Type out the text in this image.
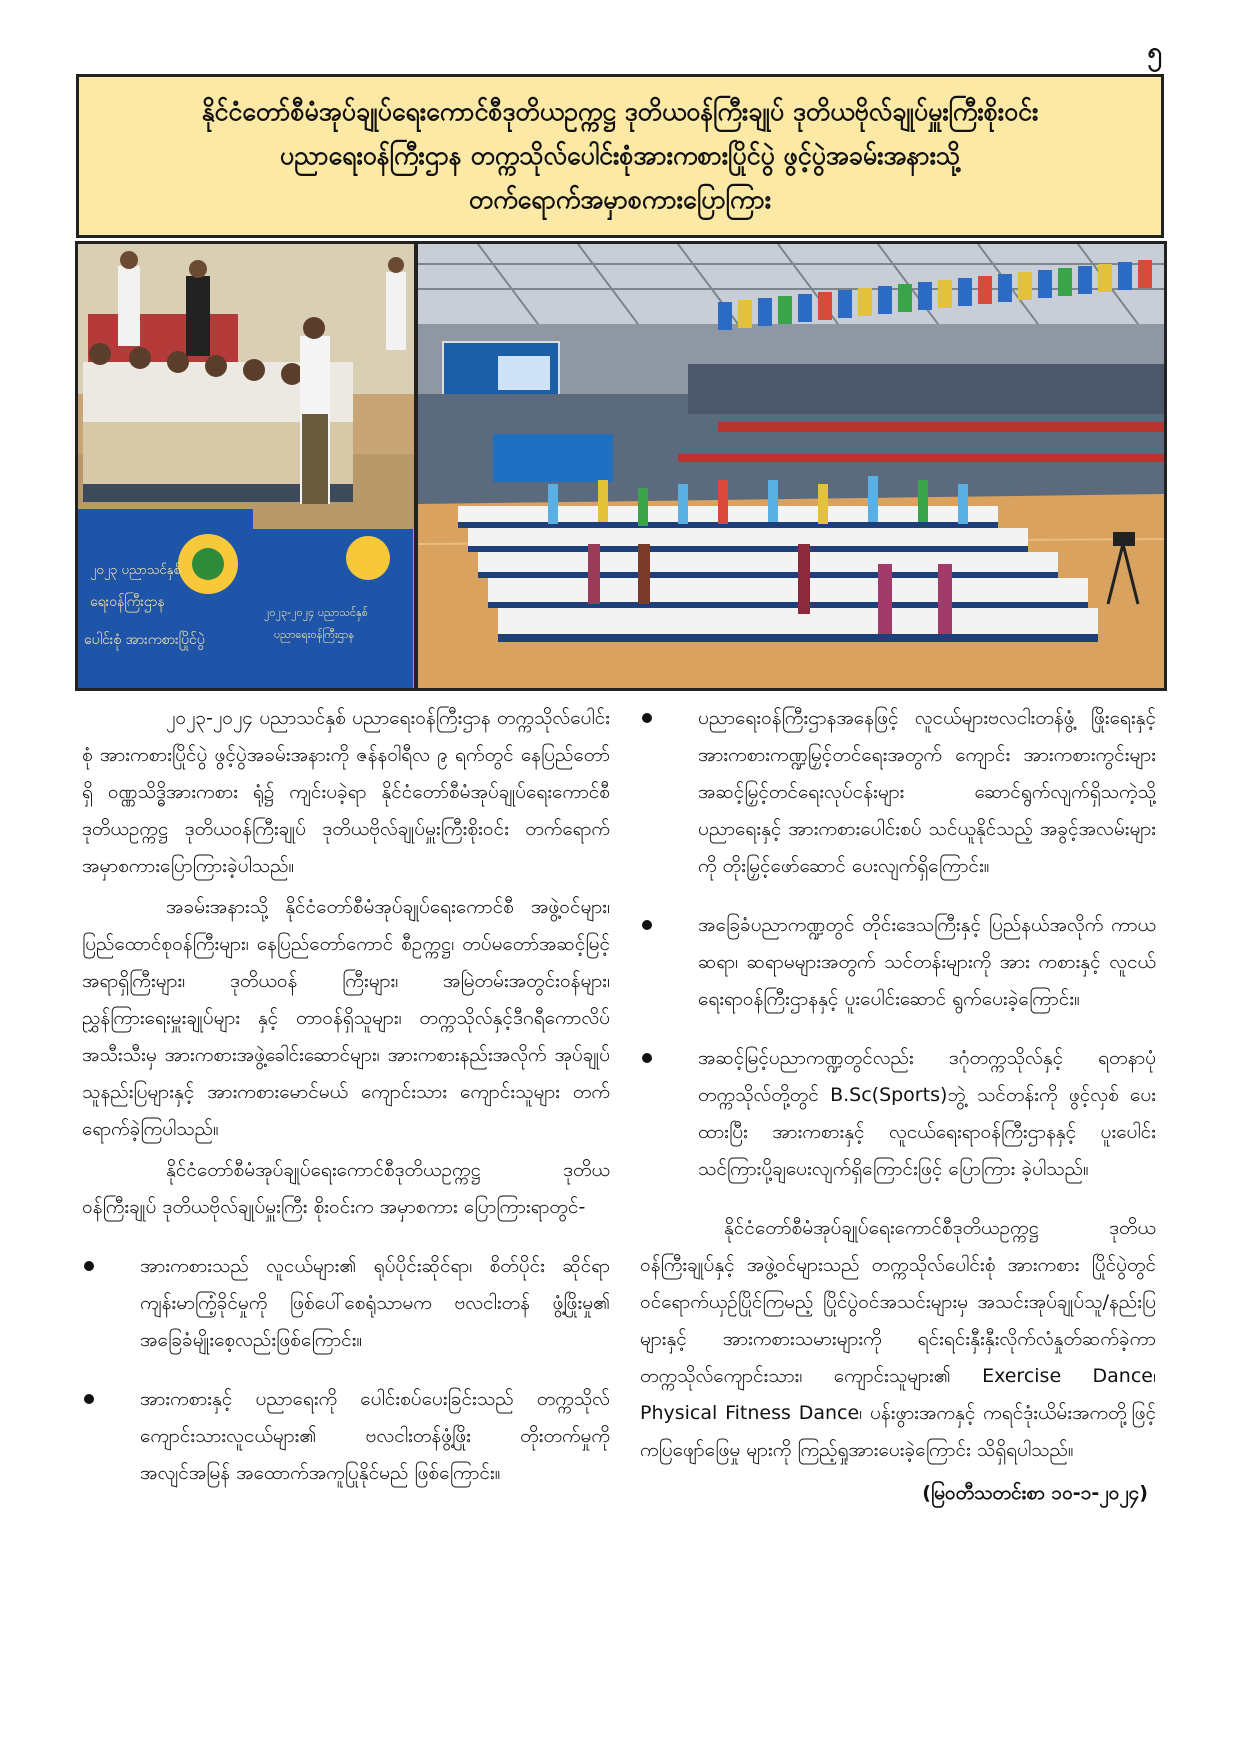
၅
နိုင်ငံတော်စီမံအုပ်ချုပ်ရေးကောင်စီဒုတိယဥက္ကဋ္ဌ ဒုတိယဝန်ကြီးချုပ် ဒုတိယဗိုလ်ချုပ်မှူးကြီးစိုးဝင်း
ပညာရေးဝန်ကြီးဌာန တက္ကသိုလ်ပေါင်းစုံအားကစားပြိုင်ပွဲ ဖွင့်ပွဲအခမ်းအနားသို့
တက်ရောက်အမှာစကားပြောကြား
၂၀၂၃ ပညာသင်နှစ်
ရေးဝန်ကြီးဌာန
ပေါင်းစုံ အားကစားပြိုင်ပွဲ
၂၀၂၃-၂၀၂၄ ပညာသင်နှစ်
ပညာရေးဝန်ကြီးဌာန

၂၀၂၃-၂၀၂၄ ပညာသင်နှစ် ပညာရေးဝန်ကြီးဌာန တက္ကသိုလ်ပေါင်းစုံ အားကစားပြိုင်ပွဲ ဖွင့်ပွဲအခမ်းအနားကို ဇန်နဝါရီလ ၉ ရက်တွင် နေပြည်တော်ရှိ ဝဏ္ဏသိဒ္ဓိအားကစား ရုံ၌ ကျင်းပခဲ့ရာ နိုင်ငံတော်စီမံအုပ်ချုပ်ရေးကောင်စီဒုတိယဥက္ကဋ္ဌ ဒုတိယဝန်ကြီးချုပ် ဒုတိယဗိုလ်ချုပ်မှူးကြီးစိုးဝင်း တက်ရောက် အမှာစကားပြောကြားခဲ့ပါသည်။

အခမ်းအနားသို့ နိုင်ငံတော်စီမံအုပ်ချုပ်ရေးကောင်စီ အဖွဲ့ဝင်များ၊ ပြည်ထောင်စုဝန်ကြီးများ၊ နေပြည်တော်ကောင် စီဥက္ကဋ္ဌ၊ တပ်မတော်အဆင့်မြင့်အရာရှိကြီးများ၊ ဒုတိယဝန် ကြီးများ၊ အမြဲတမ်းအတွင်းဝန်များ၊ ညွှန်ကြားရေးမှူးချုပ်များ နှင့် တာဝန်ရှိသူများ၊ တက္ကသိုလ်နှင့်ဒီဂရီကောလိပ်အသီးသီးမှ အားကစားအဖွဲ့ခေါင်းဆောင်များ၊ အားကစားနည်းအလိုက် အုပ်ချုပ်သူနည်းပြများနှင့် အားကစားမောင်မယ် ကျောင်းသား ကျောင်းသူများ တက်ရောက်ခဲ့ကြပါသည်။

နိုင်ငံတော်စီမံအုပ်ချုပ်ရေးကောင်စီဒုတိယဥက္ကဋ္ဌ ဒုတိယ ဝန်ကြီးချုပ် ဒုတိယဗိုလ်ချုပ်မှူးကြီး စိုးဝင်းက အမှာစကား ပြောကြားရာတွင်-

အားကစားသည် လူငယ်များ၏ ရုပ်ပိုင်းဆိုင်ရာ၊ စိတ်ပိုင်း ဆိုင်ရာ ကျန်းမာကြံ့ခိုင်မှုကို ဖြစ်ပေါ်စေရုံသာမက ဗလငါးတန် ဖွံ့ဖြိုးမှု၏ အခြေခံမျိုးစေ့လည်းဖြစ်ကြောင်း။
အားကစားနှင့် ပညာရေးကို ပေါင်းစပ်ပေးခြင်းသည် တက္ကသိုလ်ကျောင်းသားလူငယ်များ၏ ဗလငါးတန်ဖွံ့ဖြိုး တိုးတက်မှုကို အလျင်အမြန် အထောက်အကူပြုနိုင်မည် ဖြစ်ကြောင်း။
ပညာရေးဝန်ကြီးဌာနအနေဖြင့် လူငယ်များဗလငါးတန်ဖွံ့ ဖြိုးရေးနှင့် အားကစားကဏ္ဍမြှင့်တင်ရေးအတွက် ကျောင်း အားကစားကွင်းများ အဆင့်မြှင့်တင်ရေးလုပ်ငန်းများ ဆောင်ရွက်လျက်ရှိသကဲ့သို့ ပညာရေးနှင့် အားကစားပေါင်းစပ် သင်ယူနိုင်သည့် အခွင့်အလမ်းများကို တိုးမြှင့်ဖော်ဆောင် ပေးလျက်ရှိကြောင်း။
အခြေခံပညာကဏ္ဍတွင် တိုင်းဒေသကြီးနှင့် ပြည်နယ်အလိုက် ကာယဆရာ၊ ဆရာမများအတွက် သင်တန်းများကို အား ကစားနှင့် လူငယ်ရေးရာဝန်ကြီးဌာနနှင့် ပူးပေါင်းဆောင် ရွက်ပေးခဲ့ကြောင်း။
အဆင့်မြင့်ပညာကဏ္ဍတွင်လည်း ဒဂုံတက္ကသိုလ်နှင့် ရတနာပုံ တက္ကသိုလ်တို့တွင် B.Sc(Sports)ဘွဲ့ သင်တန်းကို ဖွင့်လှစ် ပေးထားပြီး အားကစားနှင့် လူငယ်ရေးရာဝန်ကြီးဌာနနှင့် ပူးပေါင်းသင်ကြားပို့ချပေးလျက်ရှိကြောင်းဖြင့် ပြောကြား ခဲ့ပါသည်။

နိုင်ငံတော်စီမံအုပ်ချုပ်ရေးကောင်စီဒုတိယဥက္ကဋ္ဌ ဒုတိယ ဝန်ကြီးချုပ်နှင့် အဖွဲ့ဝင်များသည် တက္ကသိုလ်ပေါင်းစုံ အားကစား ပြိုင်ပွဲတွင် ဝင်ရောက်ယှဉ်ပြိုင်ကြမည့် ပြိုင်ပွဲဝင်အသင်းများမှ အသင်းအုပ်ချုပ်သူ/နည်းပြများနှင့် အားကစားသမားများကို ရင်းရင်းနှီးနှီးလိုက်လံနှုတ်ဆက်ခဲ့ကာ တက္ကသိုလ်ကျောင်းသား၊ ကျောင်းသူများ၏ Exercise Dance၊ Physical Fitness Dance၊ ပန်းဖွားအကနှင့် ကရင်ဒုံးယိမ်းအကတို့ဖြင့် ကပြဖျော်ဖြေမှု များကို ကြည့်ရှုအားပေးခဲ့ကြောင်း သိရှိရပါသည်။

(မြဝတီသတင်းစာ ၁၀-၁-၂၀၂၄)
